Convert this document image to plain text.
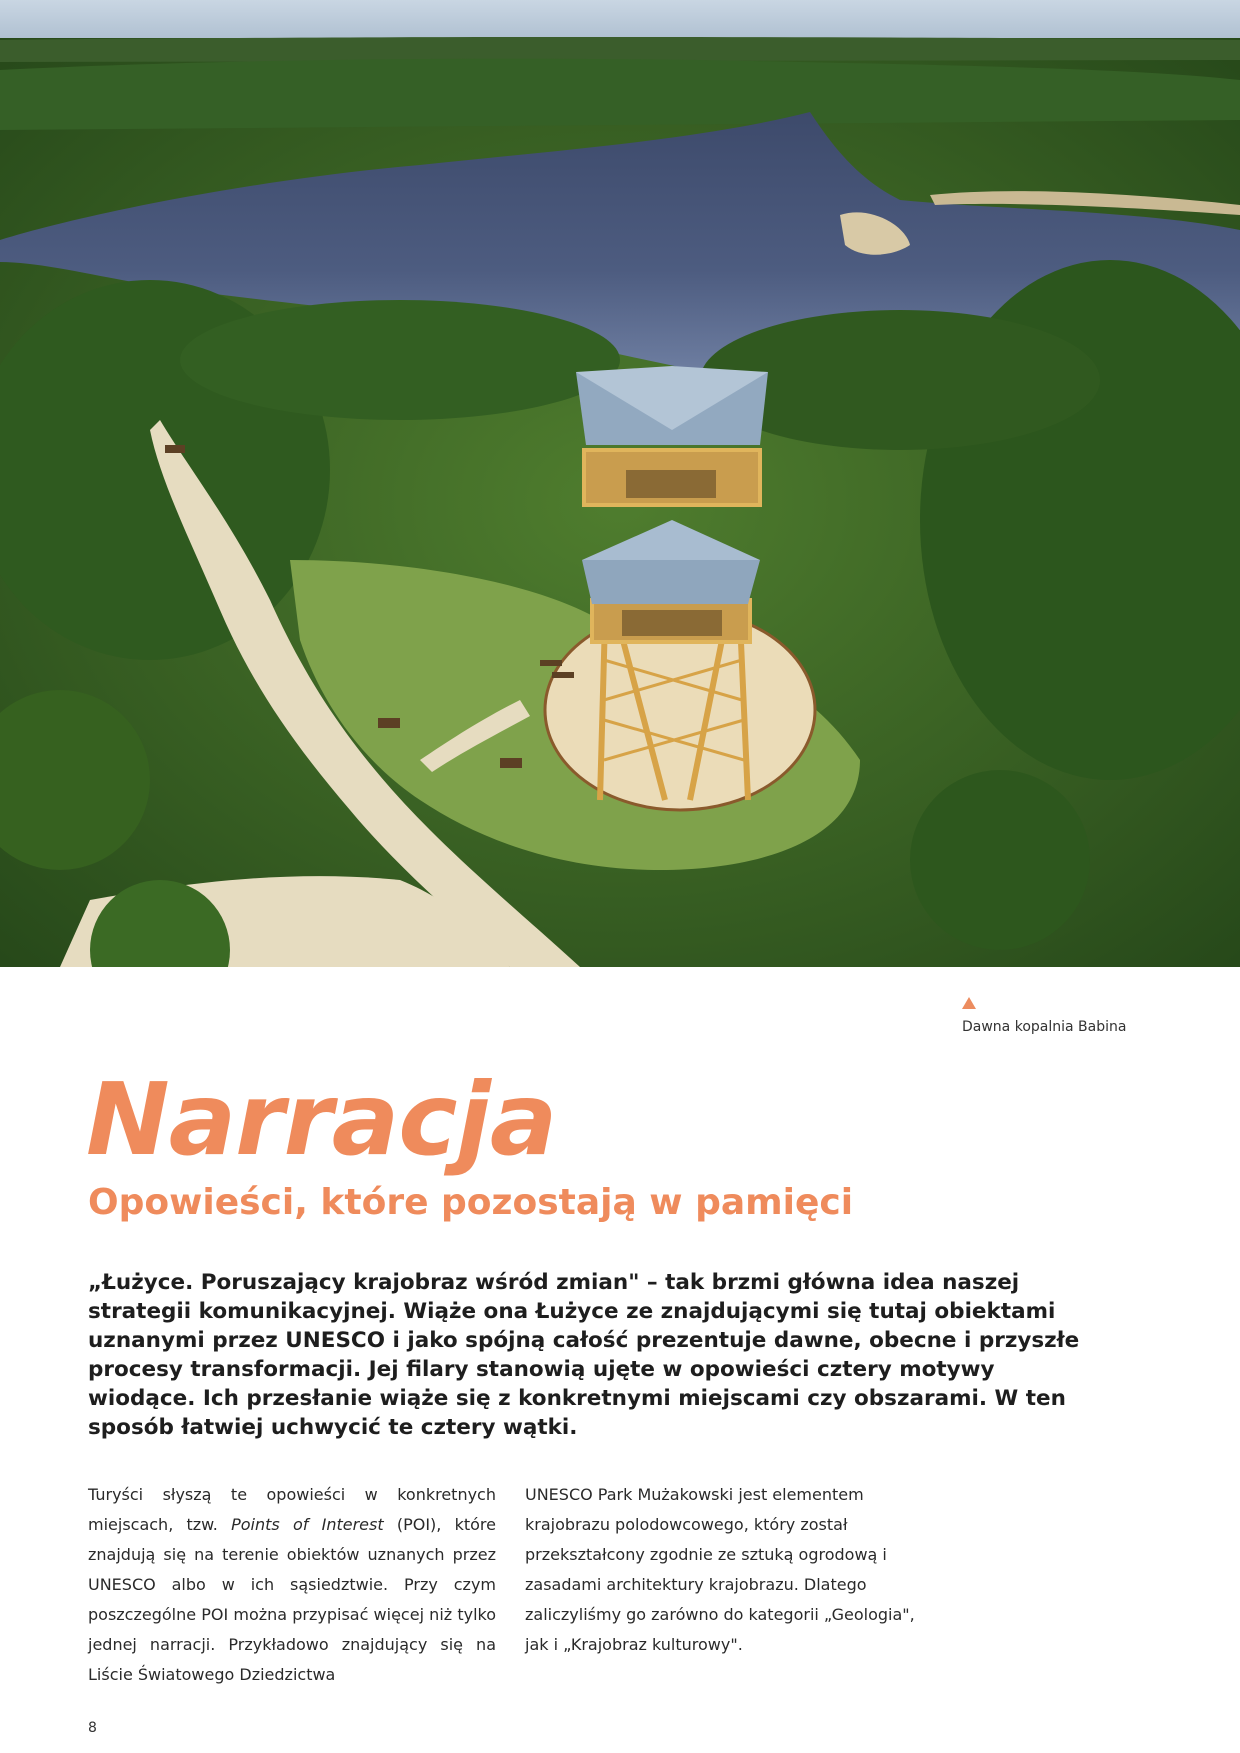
Dawna kopalnia Babina
Narracja
Opowieści, które pozostają w pamięci

„Łużyce. Poruszający krajobraz wśród zmian" – tak brzmi główna idea naszej strategii komunikacyjnej. Wiąże ona Łużyce ze znajdującymi się tutaj obiektami uznanymi przez UNESCO i jako spójną całość prezentuje dawne, obecne i przyszłe procesy transformacji. Jej filary stanowią ujęte w opowieści cztery motywy wiodące. Ich przesłanie wiąże się z konkretnymi miejscami czy obszarami. W ten sposób łatwiej uchwycić te cztery wątki.

Turyści słyszą te opowieści w konkretnych miejscach, tzw. Points of Interest (POI), które znajdują się na terenie obiektów uznanych przez UNESCO albo w ich sąsiedztwie. Przy czym poszczególne POI można przypisać więcej niż tylko jednej narracji. Przykładowo znajdujący się na Liście Światowego Dziedzictwa

UNESCO Park Mużakowski jest elementem krajobrazu polodowcowego, który został przekształcony zgodnie ze sztuką ogrodową i zasadami architektury krajobrazu. Dlatego zaliczyliśmy go zarówno do kategorii „Geologia", jak i „Krajobraz kulturowy".

8
